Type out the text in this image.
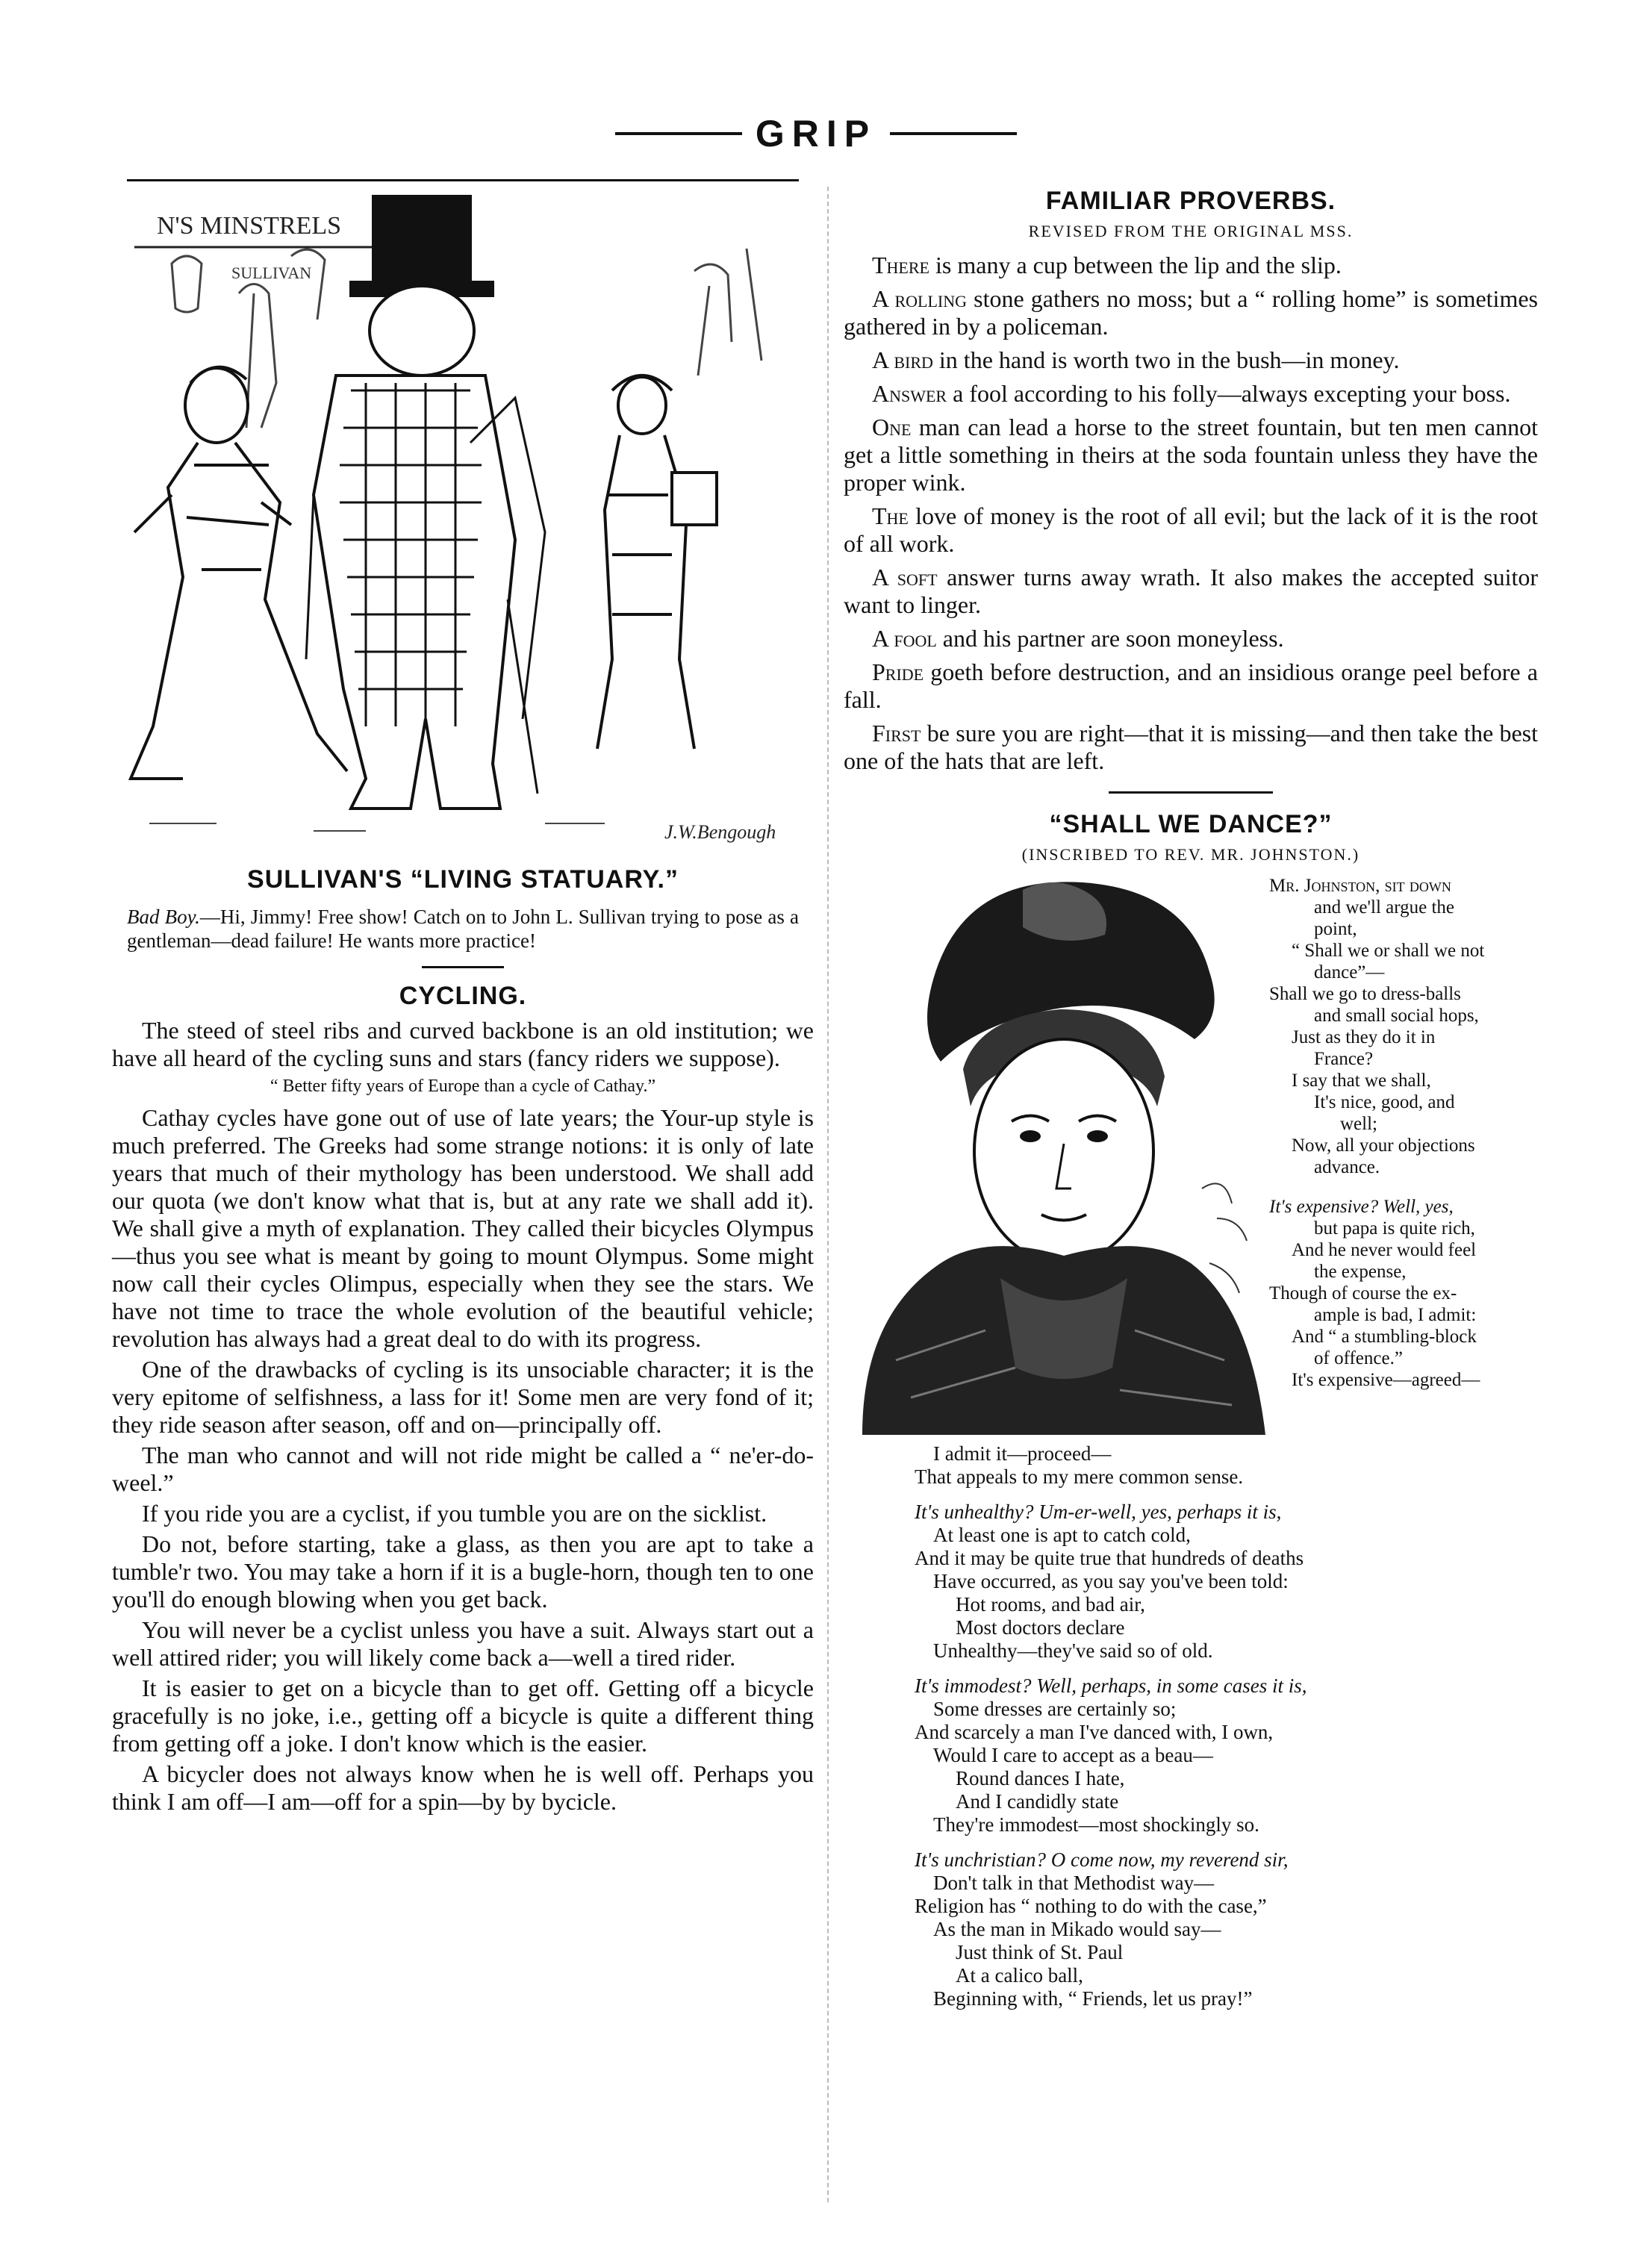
GRIP
N'S MINSTRELS
SULLIVAN
J.W.Bengough
SULLIVAN'S “LIVING STATUARY.”
Bad Boy.—Hi, Jimmy! Free show! Catch on to John L. Sullivan trying to pose as a gentleman—dead failure! He wants more practice!
CYCLING.

The steed of steel ribs and curved backbone is an old institution; we have all heard of the cycling suns and stars (fancy riders we suppose).

“ Better fifty years of Europe than a cycle of Cathay.”

Cathay cycles have gone out of use of late years; the Your-up style is much preferred. The Greeks had some strange notions: it is only of late years that much of their mythology has been understood. We shall add our quota (we don't know what that is, but at any rate we shall add it). We shall give a myth of explanation. They called their bicycles Olympus—thus you see what is meant by going to mount Olympus. Some might now call their cycles Olimpus, especially when they see the stars. We have not time to trace the whole evolution of the beautiful vehicle; revolution has always had a great deal to do with its progress.

One of the drawbacks of cycling is its unsociable character; it is the very epitome of selfishness, a lass for it! Some men are very fond of it; they ride season after season, off and on—principally off.

The man who cannot and will not ride might be called a “ ne'er-do-weel.”

If you ride you are a cyclist, if you tumble you are on the sicklist.

Do not, before starting, take a glass, as then you are apt to take a tumble'r two. You may take a horn if it is a bugle-horn, though ten to one you'll do enough blowing when you get back.

You will never be a cyclist unless you have a suit. Always start out a well attired rider; you will likely come back a—well a tired rider.

It is easier to get on a bicycle than to get off. Getting off a bicycle gracefully is no joke, i.e., getting off a bicycle is quite a different thing from getting off a joke. I don't know which is the easier.

A bicycler does not always know when he is well off. Perhaps you think I am off—I am—off for a spin—by by bycicle.

FAMILIAR PROVERBS.
REVISED FROM THE ORIGINAL MSS.

There is many a cup between the lip and the slip.

A rolling stone gathers no moss; but a “ rolling home” is sometimes gathered in by a policeman.

A bird in the hand is worth two in the bush—in money.

Answer a fool according to his folly—always excepting your boss.

One man can lead a horse to the street fountain, but ten men cannot get a little something in theirs at the soda fountain unless they have the proper wink.

The love of money is the root of all evil; but the lack of it is the root of all work.

A soft answer turns away wrath. It also makes the accepted suitor want to linger.

A fool and his partner are soon moneyless.

Pride goeth before destruction, and an insidious orange peel before a fall.

First be sure you are right—that it is missing—and then take the best one of the hats that are left.

“SHALL WE DANCE?”
(INSCRIBED TO REV. MR. JOHNSTON.)
Mr. Johnston, sit down
and we'll argue the
point,
“ Shall we or shall we not
dance”—
Shall we go to dress-balls
and small social hops,
Just as they do it in
France?
I say that we shall,
It's nice, good, and
well;
Now, all your objections
advance.
It's expensive? Well, yes,
but papa is quite rich,
And he never would feel
the expense,
Though of course the ex-
ample is bad, I admit:
And “ a stumbling-block
of offence.”
It's expensive—agreed—
I admit it—proceed—
That appeals to my mere common sense.
It's unhealthy? Um-er-well, yes, perhaps it is,
At least one is apt to catch cold,
And it may be quite true that hundreds of deaths
Have occurred, as you say you've been told:
Hot rooms, and bad air,
Most doctors declare
Unhealthy—they've said so of old.
It's immodest? Well, perhaps, in some cases it is,
Some dresses are certainly so;
And scarcely a man I've danced with, I own,
Would I care to accept as a beau—
Round dances I hate,
And I candidly state
They're immodest—most shockingly so.
It's unchristian? O come now, my reverend sir,
Don't talk in that Methodist way—
Religion has “ nothing to do with the case,”
As the man in Mikado would say—
Just think of St. Paul
At a calico ball,
Beginning with, “ Friends, let us pray!”
